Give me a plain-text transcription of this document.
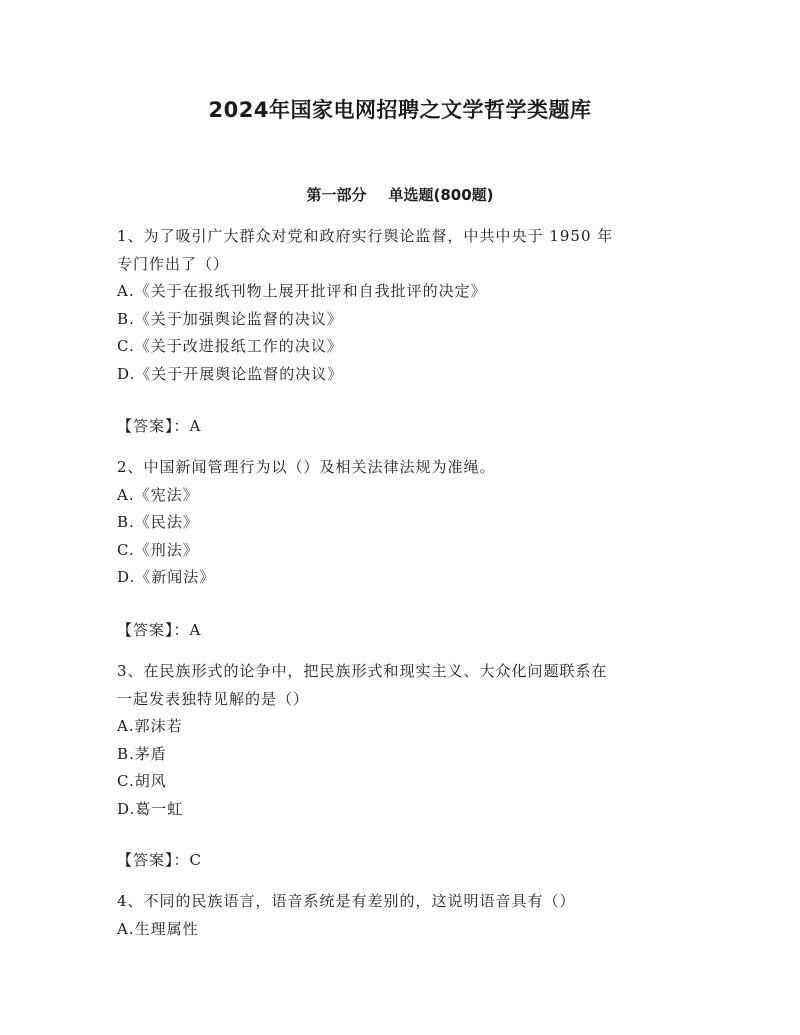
2024年国家电网招聘之文学哲学类题库
第一部分 单选题(800题)
1、为了吸引广大群众对党和政府实行舆论监督，中共中央于 1950 年
专门作出了（）
A.《关于在报纸刊物上展开批评和自我批评的决定》
B.《关于加强舆论监督的决议》
C.《关于改进报纸工作的决议》
D.《关于开展舆论监督的决议》
【答案】：A
2、中国新闻管理行为以（）及相关法律法规为准绳。
A.《宪法》
B.《民法》
C.《刑法》
D.《新闻法》
【答案】：A
3、在民族形式的论争中，把民族形式和现实主义、大众化问题联系在
一起发表独特见解的是（）
A.郭沫若
B.茅盾
C.胡风
D.葛一虹
【答案】：C
4、不同的民族语言，语音系统是有差别的，这说明语音具有（）
A.生理属性
